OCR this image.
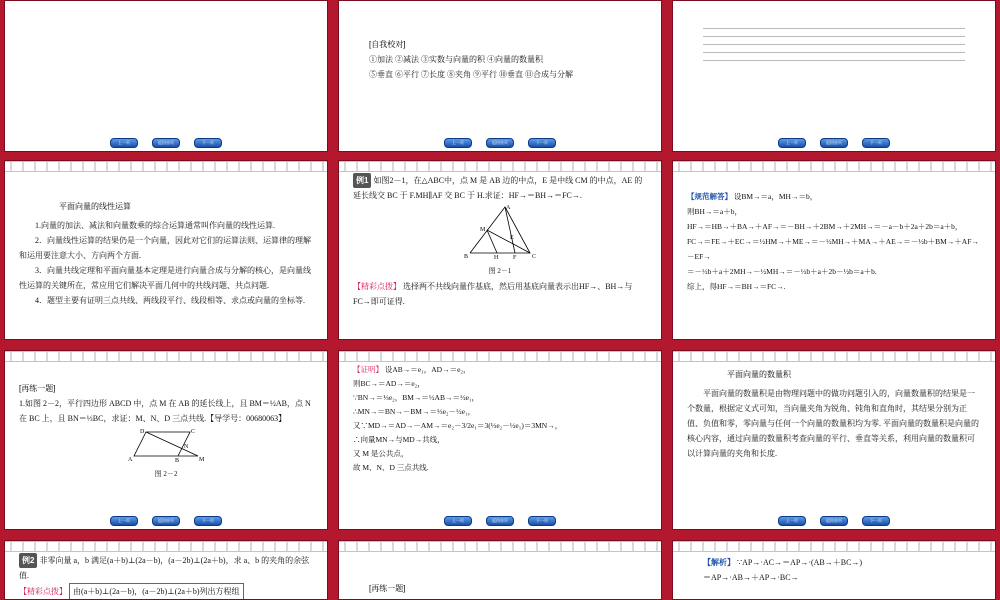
上一页	返回首页	下一页

[自我校对]

①加法 ②减法 ③实数与向量的积 ④向量的数量积

⑤垂直 ⑥平行 ⑦长度 ⑧夹角 ⑨平行 ⑩垂直 ⑪合成与分解

上一页	返回首页	下一页	上一页	返回首页	下一页

平面向量的线性运算

1.向量的加法、减法和向量数乘的综合运算通常叫作向量的线性运算.

2．向量线性运算的结果仍是一个向量，因此对它们的运算法则、运算律的理解和运用要注意大小、方向两个方面.

3．向量共线定理和平面向量基本定理是进行向量合成与分解的核心，是向量线性运算的关键所在，常应用它们解决平面几何中的共线问题、共点问题.

4．题型主要有证明三点共线、两线段平行、线段相等、求点或向量的坐标等.

例1 如图2－1，在△ABC中，点 M 是 AB 边的中点，E 是中线 CM 的中点，AE 的延长线交 BC 于 F.MH∥AF 交 BC 于 H.求证：HF→＝BH→＝FC→.

A
B	C
M
E
H F

图 2－1

【精彩点拨】 选择两不共线向量作基底，然后用基底向量表示出HF→、BH→与FC→即可证得.

【规范解答】 设BM→＝a，MH→＝b，

则BH→＝a＋b，

HF→＝HB→＋BA→＋AF→＝－BH→＋2BM→＋2MH→＝－a－b＋2a＋2b＝a＋b，

FC→＝FE→＋EC→＝½HM→＋ME→＝－½MH→＋MA→＋AE→＝－½b＋BM→＋AF→－EF→

＝－½b＋a＋2MH→－½MH→＝－½b＋a＋2b－½b＝a＋b.

综上，得HF→＝BH→＝FC→.

[再练一题]

1.如图 2－2，平行四边形 ABCD 中，点 M 在 AB 的延长线上，且 BM＝½AB，点 N 在 BC 上，且 BN＝⅓BC，求证：M、N、D 三点共线.【导学号：00680063】

A	B
C
D
M
N

图 2－2

上一页	返回首页	下一页

【证明】 设AB→＝e₁，AD→＝e₂，

则BC→＝AD→＝e₂，

∵BN→＝⅓e₂，BM→＝½AB→＝½e₁，

∴MN→＝BN→－BM→＝⅓e₂－½e₁，

又∵MD→＝AD→－AM→＝e₂－3/2e₁＝3(⅓e₂－½e₁)＝3MN→，

∴向量MN→与MD→共线，

又 M 是公共点，

故 M、N、D 三点共线.

上一页	返回首页	下一页

平面向量的数量积

平面向量的数量积是由物理问题中的做功问题引入的，向量数量积的结果是一个数量，根据定义式可知，当向量夹角为锐角、钝角和直角时，其结果分别为正值、负值和零，零向量与任何一个向量的数量积均为零. 平面向量的数量积是向量的核心内容，通过向量的数量积考查向量的平行、垂直等关系，利用向量的数量积可以计算向量的夹角和长度.

上一页	返回首页	下一页

例2 非零向量 a，b 满足(a＋b)⊥(2a－b)，(a－2b)⊥(2a＋b)，求 a、b 的夹角的余弦值.

【精彩点拨】 由(a＋b)⊥(2a－b)，(a－2b)⊥(2a＋b)列出方程组	[再练一题]

【解析】 ∵AP→·AC→＝AP→·(AB→＋BC→)

＝AP→·AB→＋AP→·BC→
